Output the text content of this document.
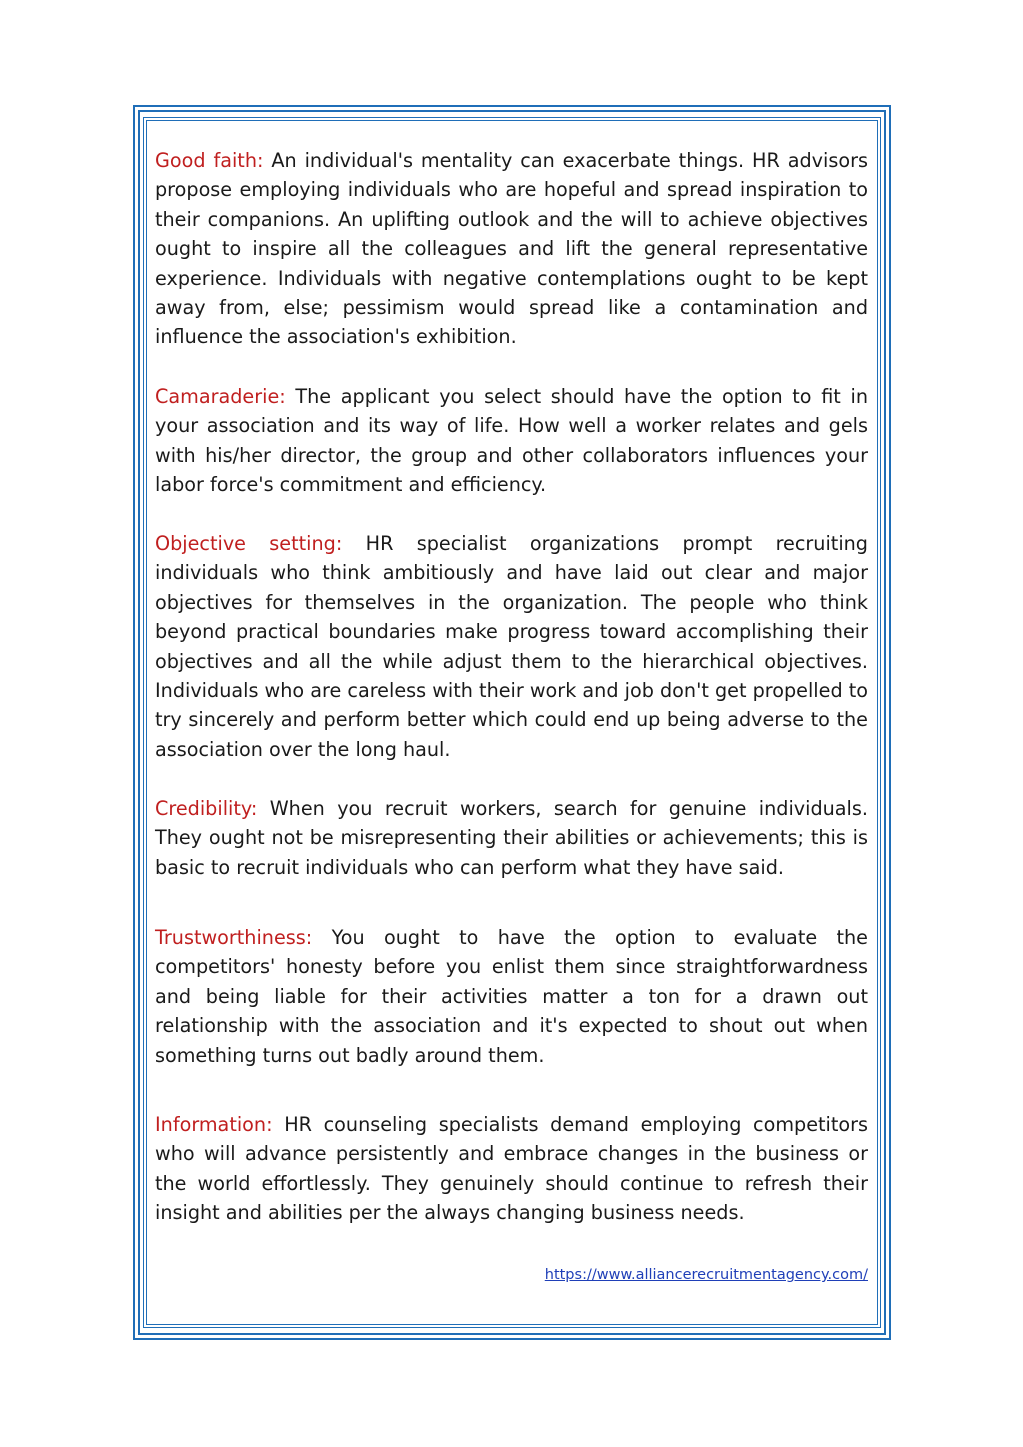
Good faith: An individual's mentality can exacerbate things. HR advisors propose employing individuals who are hopeful and spread inspiration to their companions. An uplifting outlook and the will to achieve objectives ought to inspire all the colleagues and lift the general representative experience. Individuals with negative contemplations ought to be kept away from, else; pessimism would spread like a contamination and influence the association's exhibition.

Camaraderie: The applicant you select should have the option to fit in your association and its way of life. How well a worker relates and gels with his/her director, the group and other collaborators influences your labor force's commitment and efficiency.

Objective setting: HR specialist organizations prompt recruiting individuals who think ambitiously and have laid out clear and major objectives for themselves in the organization. The people who think beyond practical boundaries make progress toward accomplishing their objectives and all the while adjust them to the hierarchical objectives. Individuals who are careless with their work and job don't get propelled to try sincerely and perform better which could end up being adverse to the association over the long haul.

Credibility: When you recruit workers, search for genuine individuals. They ought not be misrepresenting their abilities or achievements; this is basic to recruit individuals who can perform what they have said.

Trustworthiness: You ought to have the option to evaluate the competitors' honesty before you enlist them since straightforwardness and being liable for their activities matter a ton for a drawn out relationship with the association and it's expected to shout out when something turns out badly around them.

Information: HR counseling specialists demand employing competitors who will advance persistently and embrace changes in the business or the world effortlessly. They genuinely should continue to refresh their insight and abilities per the always changing business needs.

https://www.alliancerecruitmentagency.com/
